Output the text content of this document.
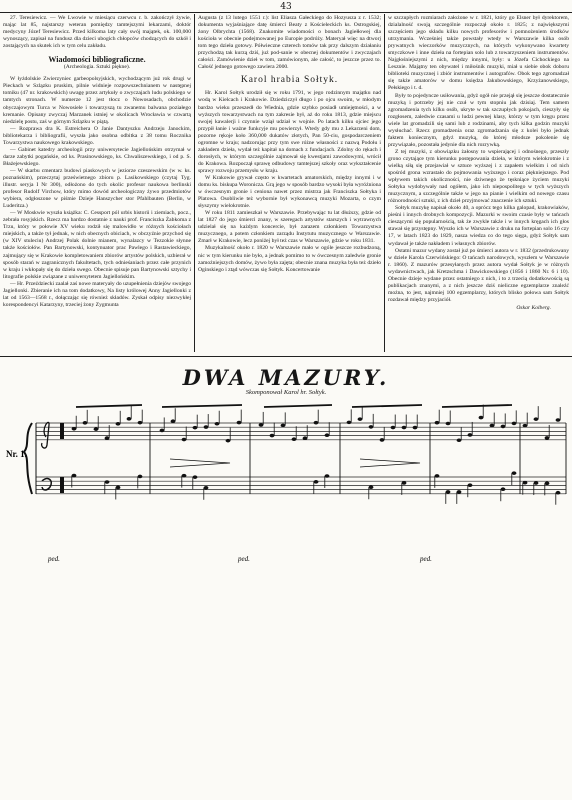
43

27. Teresiewicz. — We Lwowie w miesiącu czerwcu r. b. zakończył żywie, mając lat 85, najstarszy weteran pomiędzy tamtejszymi lekarzami, doktór medycyny Józef Teresiewicz. Przed kilkoma laty cały swój majątek, ok. 100,000 wynoszący, zapisał na fundusz dla dzieci ubogich chłopców chodzących do szkół i zostających na skutek ich w tym celu zakładu.

Wiadomości bibliograficzne.
(Archeologia. Sztuki piękne).

W łyżdolskie Zwierzyniec garbeopolsyjskich, wychodzącym już rok drugi w Pieckach w Szlązku pruskim, pilnie widnieje rozpowszechnianem w następnej tomiku (47 nr. krakowskich) uwagę przez artykuły o zwyczajach ludu polskiego w tamtych stronach. W numerze 12 jest tłocz o Nowosadach, obchodzie obyczajowym Turca w Nowosiele i towarzyszą tu zwanemu balwana poziałego kremanie. Opisany zwyczaj Marzanek istniej w okolicach Wrocławia w czwartą niedzielę postu, zaś w górnym Szlązku w piątą.

— Rozprawa dra K. Estreichera O Janie Dantyszku Andrzeju Janockim, bibliotekarza i bibliografii, wyszła jako osobna odbitka z 38 tomu Rocznika Towarzystwa naukowego krakowskiego.

— Gabinet katedry archeologii przy uniwersytecie Jagiellońskim otrzymał w darze zabytki pogańskie, od ks. Prasinowskiego, ks. Chwaliszewskiego, i od p. S. Błażejewskiego.

— W skarbu cmentarz budowi piaskowych w jeziorze czeszewskim (w w. ks. poznańskim), przeczytaj prześwietnego zbioru p. Lasikowskiego (czytaj Tyg. illustr. seryja I Nr 300), odłożono do tych okolic profesor naukowa berlinski profesor Rudolf Virchow, który mimo dowód archeologiczny żywo przedmiotów wybiera, odgłoszone w piśmie Dzieje Hanszycher stor Pfahlbauten (Berlin, w Luderitza.)

— W Moskwie wyszła książka: C. Cessport pól urbis historii i ziemiach, pocz., zebrała rosyjskich. Rzecz ma bardzo dostatnie z nauki prof. Franciszka Żabkoma z Trzu, który w połowie XV wieku rodził się malowidło w różnych kościołach miejskich, a także tył jednak, w nich obecnych obiciach, w obczyźnie przychod się (w XIV stuleciu) Andrzej Polak dolnie mianem, wynalazcy w Tezzokie słynne także kościołów. Pan Bartynowski, kontynuator prac Pawlego i Rastawieckiego, zajmujący się w Krakowie kompletowaniem zbiorów artystów polskich, uzbierał w sposób starań w zagranicznych fakultetach, tych odnieśaniach przez całe przynich w kraju i wkłopały się do dzieła swego. Obecnie spisuje pan Bartynowski sztychy i litografie polskie związane z uniwersytetem Jagiellońskim.

— Hr. Przeździecki zaalał zaś nowe materyały do uzupełnienia dziejów swojego Jagiellonki. Zbieranie ich na tom dodatkowy, Na listy królowej Anny Jagiellonki z lat od 1563—1568 r., dołączając się również składów. Zyskał odpisy niezwykłej korespondencyi Katarzyny, trzeciej żony Zygmunta

Augusta (z 13 lutego 1551 r.): list Eliasza Gałeckiego do Hozyusza z r. 1532; dokumenta wyjaśniające datę śmierci Beaty z Kościeleckich ks. Ostrogskiej, żony Olbrychta (1568). Znakomite wiadomości o bonach Jagiełłowej dla kościoła w obecnie podejmowanej po Europie podróży. Materyał więc na dtworj tom tego dzieła gotowy. Półwieczne czterech tomów tak przy dalszym działaniu przychodzą tak kurzą dziś, już pod-sanie w obecnej dokumentów i zwyczajach całości. Zamówienie dzieł w tom, zamówionym, ale całość, to jeszcze przez to. Całość jednego gotowego zawiera 2000.

Karol hrabia Sołtyk.

Hr. Karol Sołtyk urodził się w roku 1791, w jego rodzinnym majątku nad wodą w Kielcach i Krakowie. Dziedziczył długo i po ojcu swoim, w młodym bardzo wieku przeszedł do Wiednia, gdzie szybko posiadł umiejętności, a w wyższych towarzystwach na tym zakresie był, aż do roku 1813, gdzie miejscu swojej kawalerji i czynnie wziął udział w wojnie. Po latach kilku ojciec jego przypił łanie i ważne funkcyje mu powierzył. Wtedy gdy mu z Lekarzeni dom, pozorne rękoje koło 360,000 dukatów złotych, Pan 50-ciu, gospodarczeniem ogromne w kraju; nadzorując przy tym swe różne własności z nazwą Podołu i zakładem dzieła, wydał też kapitał na domach z fundacjach. Zdolny do rękach i dorosłych, w którym szczególnie zajmował się kwestjami zawodowymi, wrócił do Krakowa. Rozpoczął sprawę odbudowy tamtejszej szkoły oraz wykształcenie sprawy rozwoju przemysłu w kraju.

W Krakowie grywał często w kwartetach amatorskich, między innymi i w domu ks. biskupa Woronicza. Grą jego w sposób bardzo wysoki była wyróżniona w ówczesnym gronie i ceniona nawet przez mistrza jak Franciszka Sołtyka i Platowa. Osobliwie też wybornie był wykonawcą muzyki Mozarta, o czym słyszymy wielokrotnie.

W roku 1811 zamieszkał w Warszawie. Przebywając tu lat dłuższy, gdzie od lat 1827 do jego śmierci znany, w szeregach artystów starszych i wytrawnych udzielał się na każdym koncercie, był zarazem członkiem Towarzystwa muzycznego, a potem członkiem zarządu Instytutu muzycznego w Warszawie. Zmarł w Krakowie, lecz poniżej był też czas w Warszawie, gdzie w roku 1831.

Muzykalność około r. 1820 w Warszawie mało w ogóle jeszcze rozbudzoną, nic w tym kierunku nie było, a jednak pomimo to w ówczesnym zaledwie gronie zamożniejszych domów, żywo była zajęta; obecnie znana muzyka była też dzieło Oginskiego i ztąd wówczas się Sołtyk. Koncertowanie

w szczupłych rozmiarach założone w r. 1821, który go Elsner był dyrektorem, dzialalność swoją szczególnie rozpoczął około r. 1825; z największymi szczęściem jego składu kilku nowych profesorów i pomnożeniem środków utrzymania. Wcześniej także powstały wtedy w Warszawie kilka osób prywatnych wieczorków muzycznych, na których wykonywano kwartety smyczkowe i inne dzieła na fortepian solo lub z towarzyszeniem instrumentów. Najgłośniejszymi z nich, między innymi, były: u Józefa Cichockiego na Lesznie. Majątny ten obywatel i miłośnik muzyki, miał u siebie obok doboru biblioteki muzycznej i zbiór instrumentów i autografów. Obok tego zgromadzał się także amatorów w domu księdza Jakubowskiego, Krzyżanowskiego, Pełskiego i t. d.

Były to pojedyncze usiłowania, gdyż ogół nie przejął się jeszcze dostatecznie muzyką i potrzeby jej nie czuł w tym stopniu jak dzisiaj. Tem samem zgromadzenia tych kilku osób, ukryte w tak szczupłych pokojach, cieszyły się rozgłosem, zaledwie czasami u ludzi pewnej klasy, którzy w tym kręgu przez wiele lat gromadzili się sami lub z rodzinami, aby tych kilka godzin muzyki wysłuchać. Rzecz gromadzenia oraz zgromadzania się z kolei było jednak faktem koniecznym, gdyż muzyką, do której młodsze pokolenie się przywiązało, pozostała jedynie dla nich rozrywką.

Z tej muzyki, z obowiązku żałosny to wspierającej i odnośnego, przeszły grono czytające tym kierunku postępowania dzieła, w którym wielokrotnie i z wielką siłą się przejawiał w sztuce wyższej i z zapałem wielkim i od nich spośród grona wzrastało do pojmowania wyższego i coraz piękniejszego. Pod wpływem takich okoliczności, nie dziwnego że tęskniące życiem muzyki Sołtyka wydobywały nad ogółem, jako ich niepospolitego w tych wyższych muzycznym, a szczególnie także w jego na pianie i wielkim od nowego czasu różnorodności sztuki, z ich dzieł przyjmować znaczenie ich sztuki.

Sołtyk muzykę napisał około 40, a oprócz tego kilka galopad, krakowiaków, pieśni i innych drobnych kompozycji. Mazurki w swoim czasie były w tańcach cieszącymi się popularnością, tak że zwykle także i w innych kręgach ich głos stawał się przystępny. Wyszło ich w Warszawie z druku na fortepian solo 16 czy 17, w latach 1823 do 1829, nasza wiedza co do tego sięga, gdyż Sołtyk sam wydawał je także nakładem i własnych zbiorów.

Ostatni mazur wydany został już po śmierci autora w r. 1832 (przedrukowany w dziele Karola Czerwińskiego: O tańcach narodowych, wyszłem w Warszawie r. 1860). Z mazurów przesyłanych przez autora wydał Sołtyk je w różnych wydawnictwach, jak Kretzschma i Dawickowskiego (1856 i 1860 Nr. 6 i 10). Obecnie dzieje wydane przez ostatniego z nich, i to z trzecią dodatkowością są publikacjach znanymi, a z nich jeszcze dziś nieliczne egzemplarze znaleźć można, to jest, najmniej 100 egzemplarzy, których blisko połowa sam Sołtyk rozdawał między przyjaciół.

Oskar Kolberg.
DWA MAZURY.
Skomponował Karol hr. Sołtyk.
Nr. 1.
ped.	ped.	ped.
